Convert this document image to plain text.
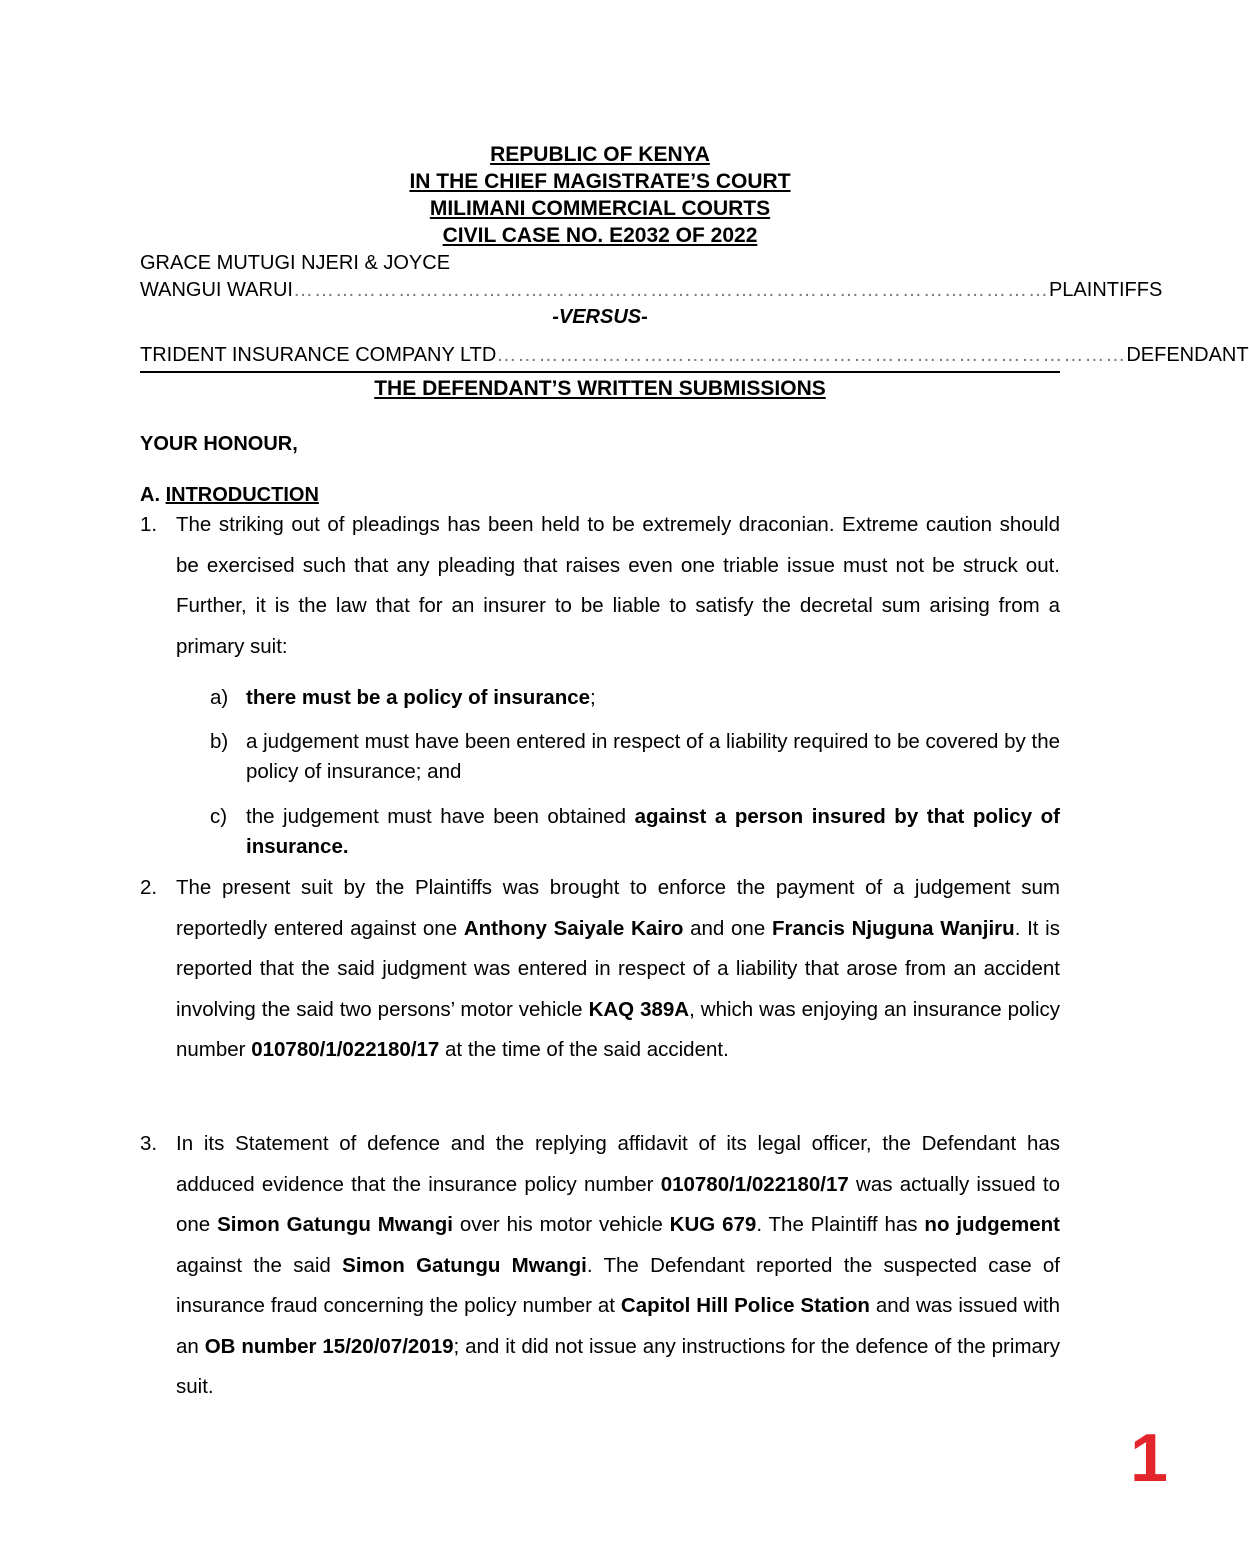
REPUBLIC OF KENYA
IN THE CHIEF MAGISTRATE’S COURT
MILIMANI COMMERCIAL COURTS
CIVIL CASE NO. E2032 OF 2022
GRACE MUTUGI NJERI & JOYCE
WANGUI WARUI ……………………………………………………………………………………………… PLAINTIFFS
-VERSUS-
TRIDENT INSURANCE COMPANY LTD ……………………………………………………………………………… DEFENDANT
THE DEFENDANT’S WRITTEN SUBMISSIONS
YOUR HONOUR,
A. INTRODUCTION
1. The striking out of pleadings has been held to be extremely draconian. Extreme caution should be exercised such that any pleading that raises even one triable issue must not be struck out. Further, it is the law that for an insurer to be liable to satisfy the decretal sum arising from a primary suit:
a) there must be a policy of insurance;
b) a judgement must have been entered in respect of a liability required to be covered by the policy of insurance; and
c) the judgement must have been obtained against a person insured by that policy of insurance.
2. The present suit by the Plaintiffs was brought to enforce the payment of a judgement sum reportedly entered against one Anthony Saiyale Kairo and one Francis Njuguna Wanjiru. It is reported that the said judgment was entered in respect of a liability that arose from an accident involving the said two persons’ motor vehicle KAQ 389A, which was enjoying an insurance policy number 010780/1/022180/17 at the time of the said accident.
3. In its Statement of defence and the replying affidavit of its legal officer, the Defendant has adduced evidence that the insurance policy number 010780/1/022180/17 was actually issued to one Simon Gatungu Mwangi over his motor vehicle KUG 679. The Plaintiff has no judgement against the said Simon Gatungu Mwangi. The Defendant reported the suspected case of insurance fraud concerning the policy number at Capitol Hill Police Station and was issued with an OB number 15/20/07/2019; and it did not issue any instructions for the defence of the primary suit.
1
